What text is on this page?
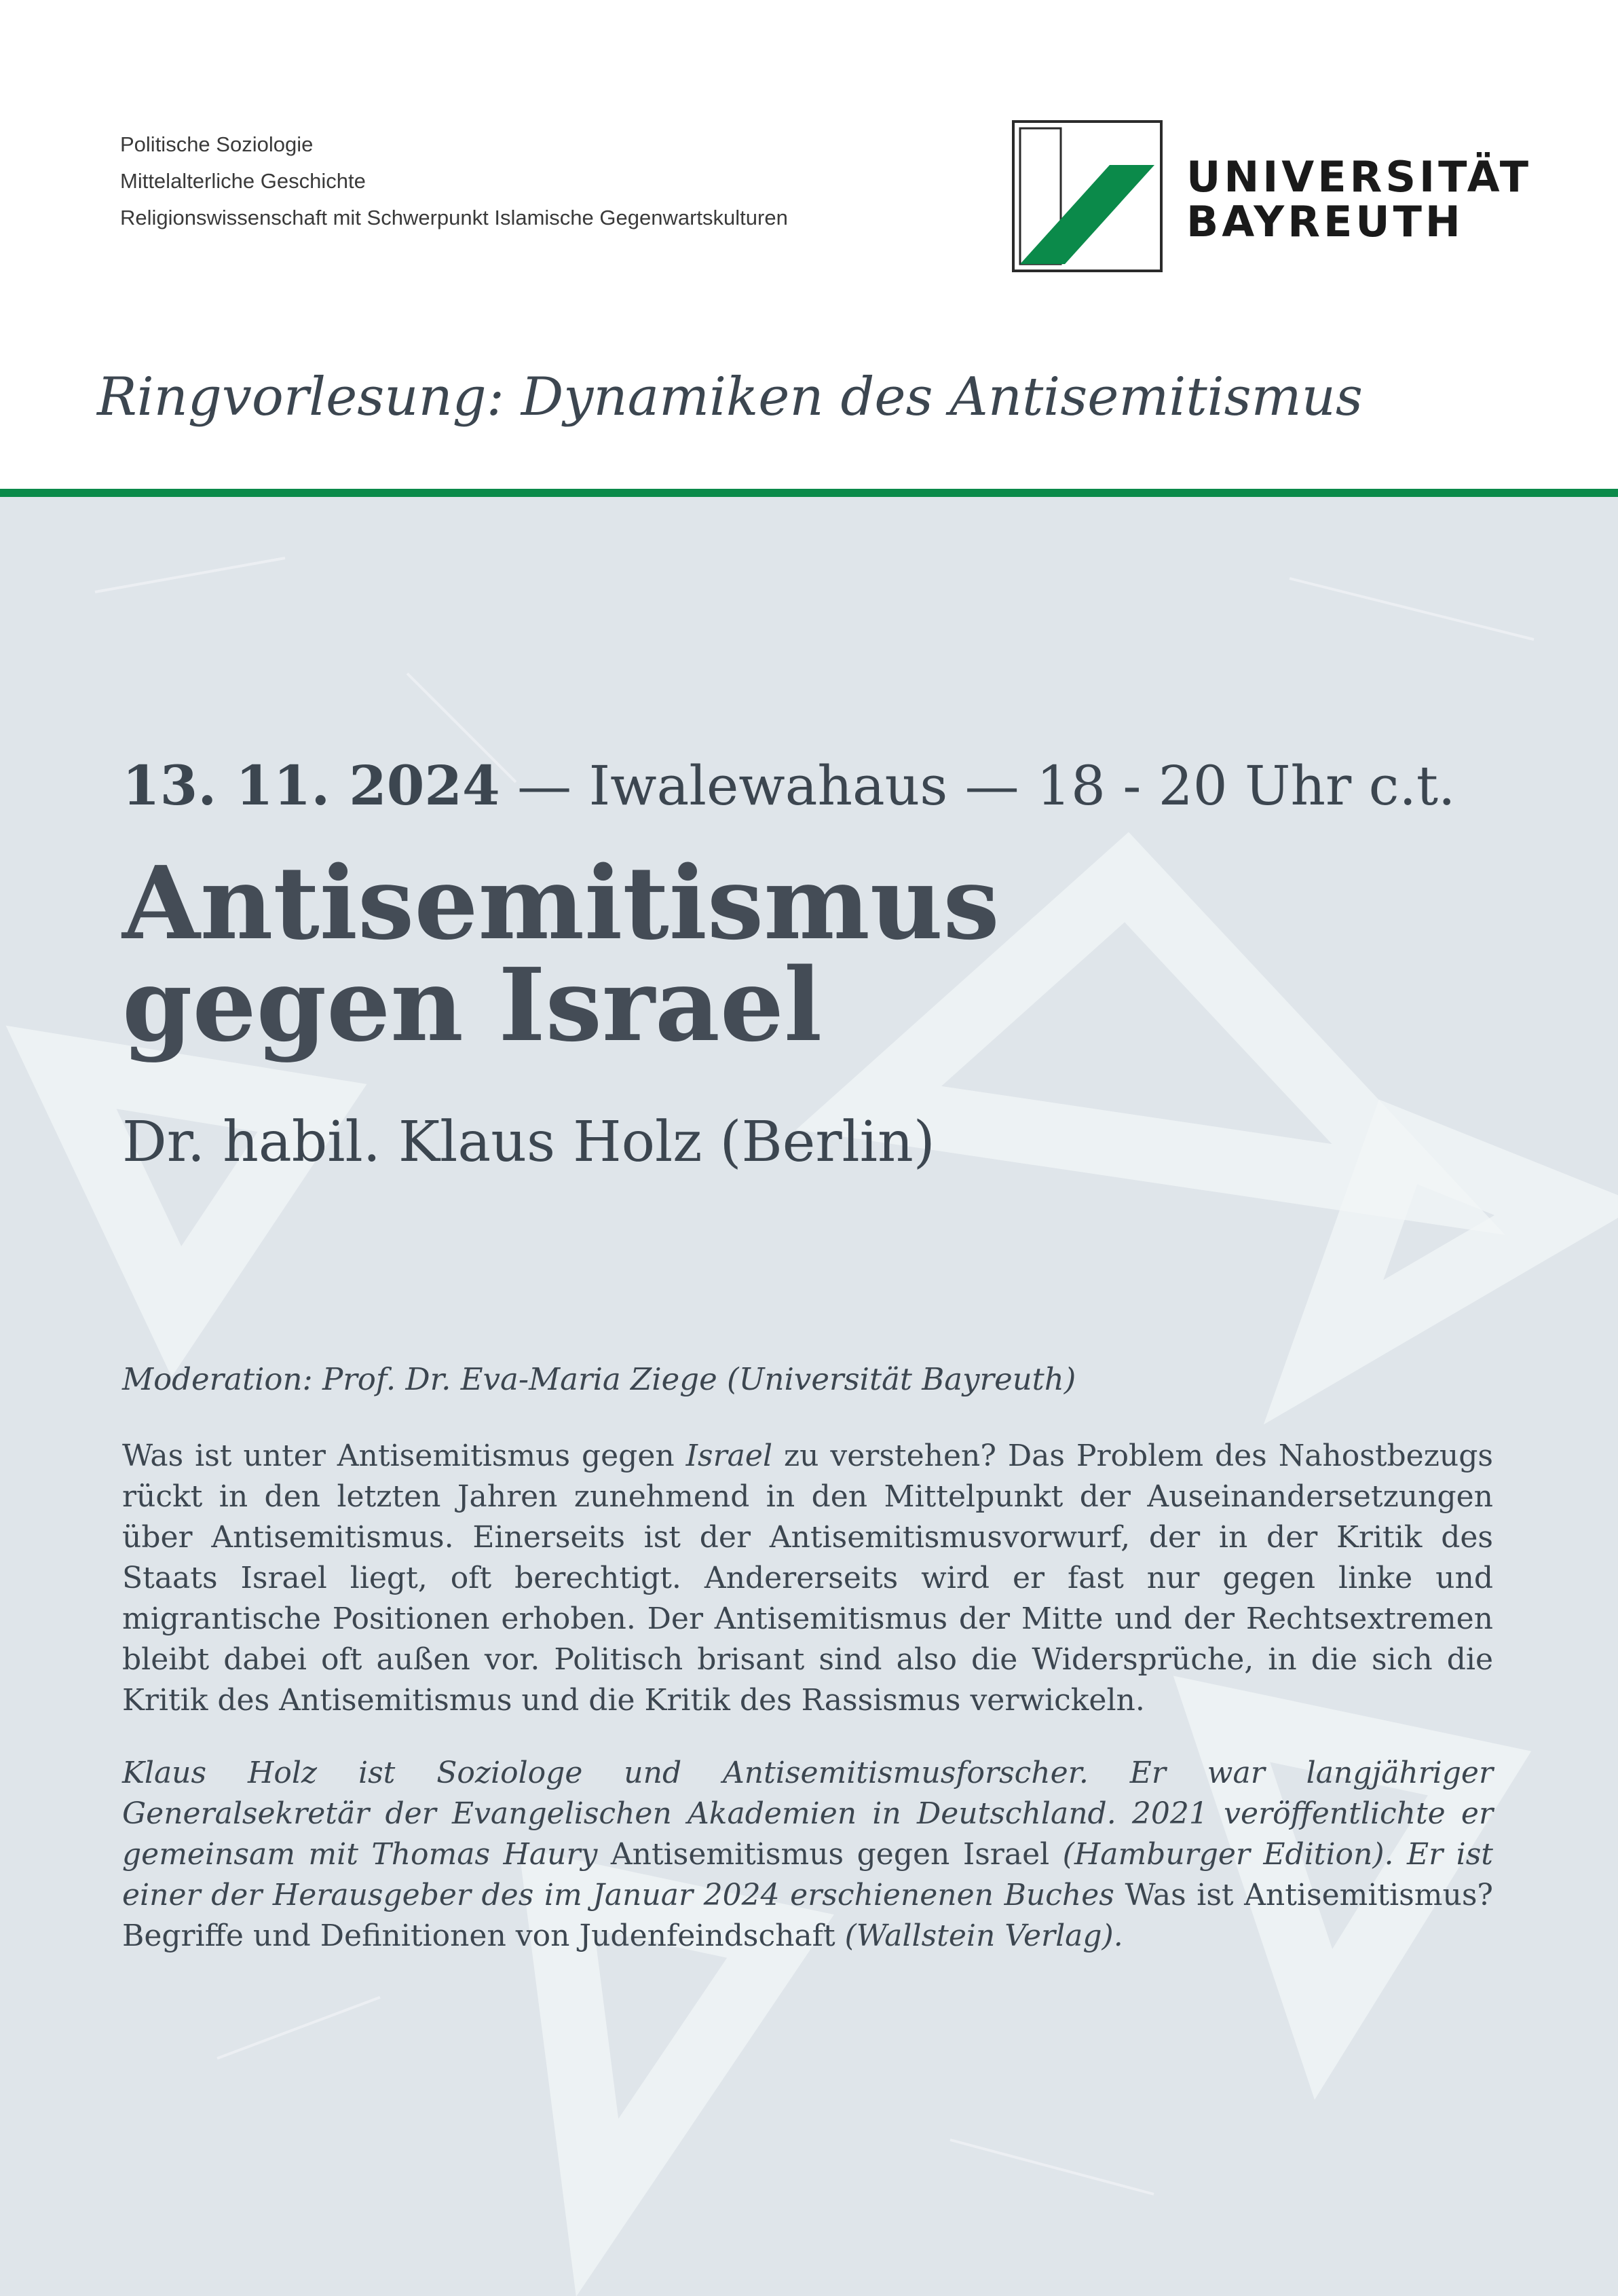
Politische Soziologie
Mittelalterliche Geschichte
Religionswissenschaft mit Schwerpunkt Islamische Gegenwartskulturen
UNIVERSITÄT
BAYREUTH
Ringvorlesung: Dynamiken des Antisemitismus
13. 11. 2024 — Iwalewahaus — 18 - 20 Uhr c.t.
Antisemitismus
gegen Israel
Dr. habil. Klaus Holz (Berlin)
Moderation: Prof. Dr. Eva-Maria Ziege (Universität Bayreuth)
Was ist unter Antisemitismus gegen Israel zu verstehen? Das Problem des Nahostbezugs rückt in den letzten Jahren zunehmend in den Mittelpunkt der Auseinandersetzungen über Antisemitismus. Einerseits ist der Antisemitismusvorwurf, der in der Kritik des Staats Israel liegt, oft berechtigt. Andererseits wird er fast nur gegen linke und migrantische Positionen erhoben. Der Antisemitismus der Mitte und der Rechtsextremen bleibt dabei oft außen vor. Politisch brisant sind also die Widersprüche, in die sich die Kritik des Antisemitismus und die Kritik des Rassismus verwickeln.
Klaus Holz ist Soziologe und Antisemitismusforscher. Er war langjähriger Generalsekretär der Evangelischen Akademien in Deutschland. 2021 veröffentlichte er gemeinsam mit Thomas Haury Antisemitismus gegen Israel (Hamburger Edition). Er ist einer der Herausgeber des im Januar 2024 erschienenen Buches Was ist Antisemitismus? Begriffe und Definitionen von Judenfeindschaft (Wallstein Verlag).
